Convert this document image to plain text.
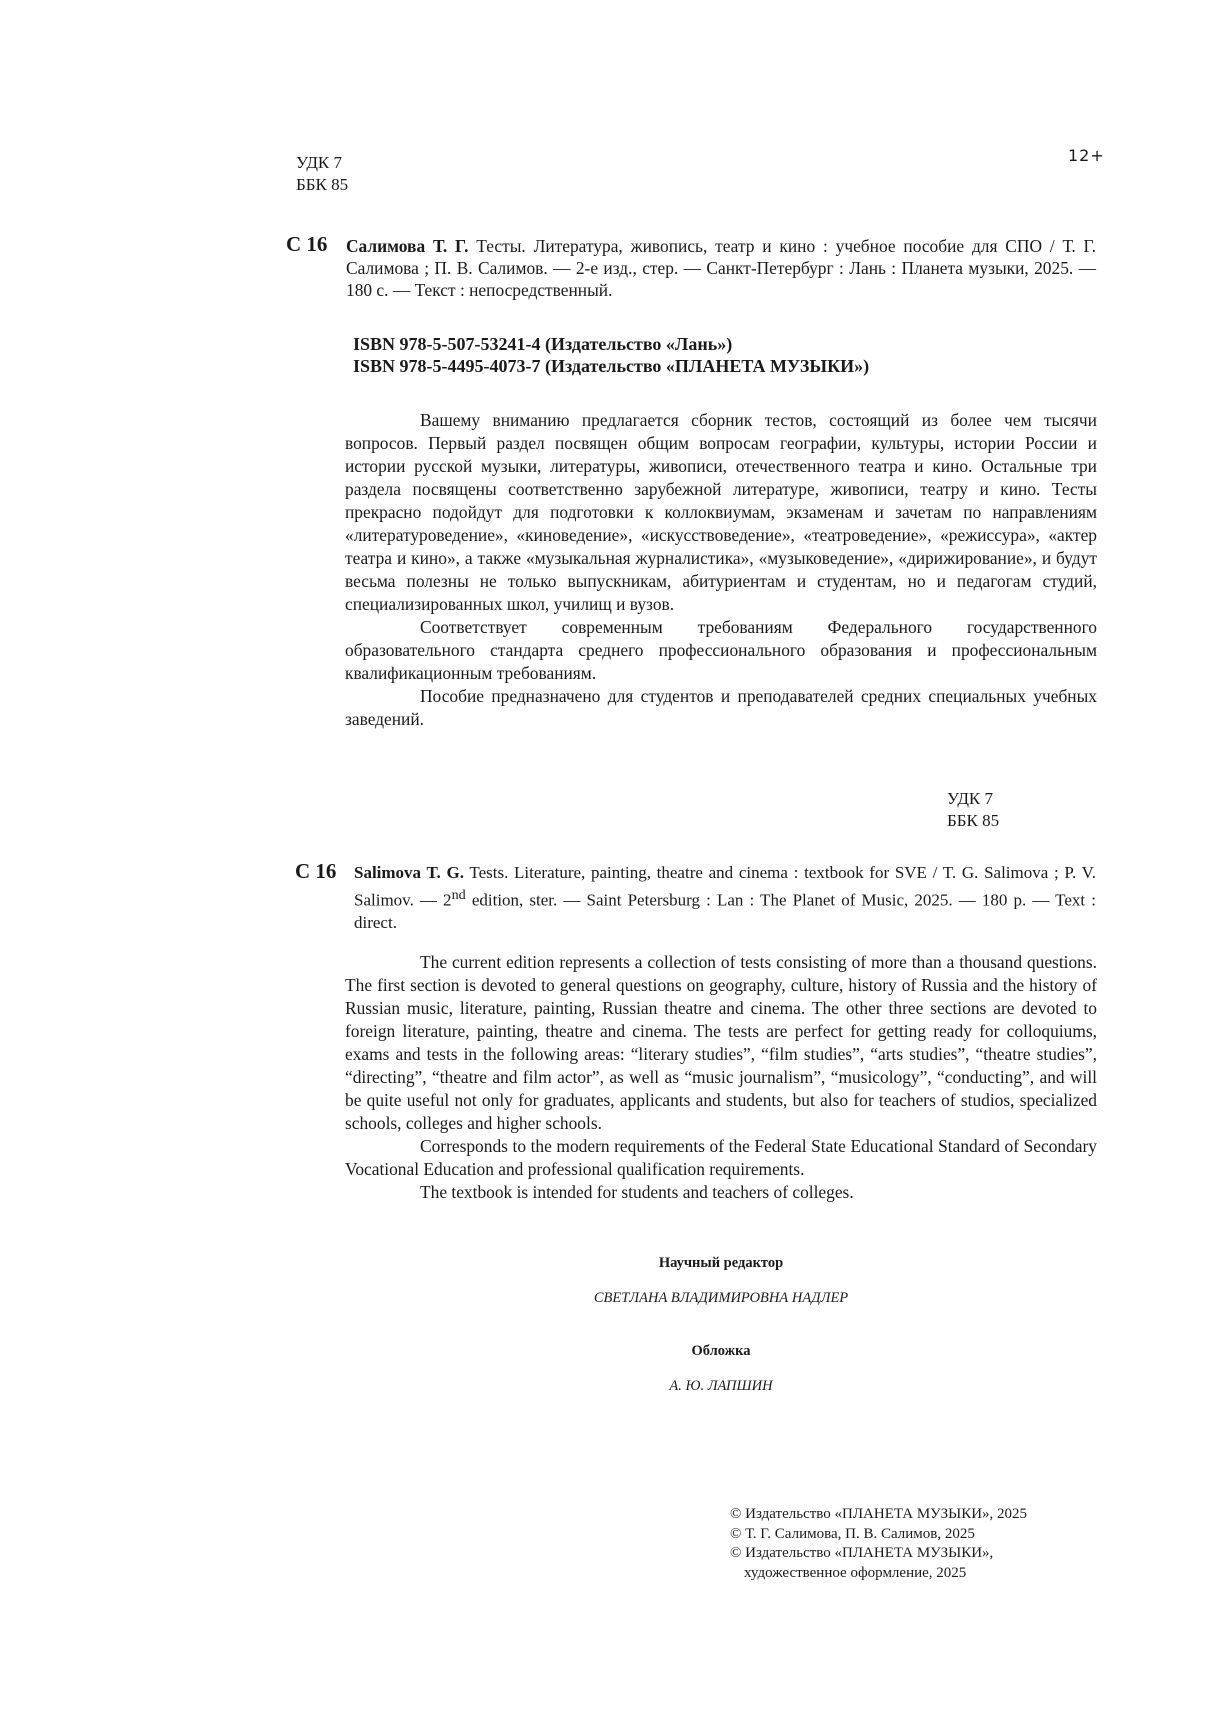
УДК 7
ББК 85
12+
С 16 Салимова Т. Г. Тесты. Литература, живопись, театр и кино : учебное пособие для СПО / Т. Г. Салимова ; П. В. Салимов. — 2-е изд., стер. — Санкт-Петербург : Лань : Планета музыки, 2025. — 180 с. — Текст : непосредственный.
ISBN 978-5-507-53241-4 (Издательство «Лань»)
ISBN 978-5-4495-4073-7 (Издательство «ПЛАНЕТА МУЗЫКИ»)

Вашему вниманию предлагается сборник тестов, состоящий из более чем тысячи вопросов. Первый раздел посвящен общим вопросам географии, культуры, истории России и истории русской музыки, литературы, живописи, отечественного театра и кино. Остальные три раздела посвящены соответственно зарубежной литературе, живописи, театру и кино. Тесты прекрасно подойдут для подготовки к коллоквиумам, экзаменам и зачетам по направлениям «литературоведение», «киноведение», «искусствоведение», «театроведение», «режиссура», «актер театра и кино», а также «музыкальная журналистика», «музыковедение», «дирижирование», и будут весьма полезны не только выпускникам, абитуриентам и студентам, но и педагогам студий, специализированных школ, училищ и вузов.

Соответствует современным требованиям Федерального государственного образовательного стандарта среднего профессионального образования и профессиональным квалификационным требованиям.

Пособие предназначено для студентов и преподавателей средних специальных учебных заведений.

УДК 7
ББК 85
С 16 Salimova T. G. Tests. Literature, painting, theatre and cinema : textbook for SVE / T. G. Salimova ; P. V. Salimov. — 2nd edition, ster. — Saint Petersburg : Lan : The Planet of Music, 2025. — 180 p. — Text : direct.

The current edition represents a collection of tests consisting of more than a thousand questions. The first section is devoted to general questions on geography, culture, history of Russia and the history of Russian music, literature, painting, Russian theatre and cinema. The other three sections are devoted to foreign literature, painting, theatre and cinema. The tests are perfect for getting ready for colloquiums, exams and tests in the following areas: “literary studies”, “film studies”, “arts studies”, “theatre studies”, “directing”, “theatre and film actor”, as well as “music journalism”, “musicology”, “conducting”, and will be quite useful not only for graduates, applicants and students, but also for teachers of studios, specialized schools, colleges and higher schools.

Corresponds to the modern requirements of the Federal State Educational Standard of Secondary Vocational Education and professional qualification requirements.

The textbook is intended for students and teachers of colleges.

Научный редактор
СВЕТЛАНА ВЛАДИМИРОВНА НАДЛЕР
Обложка
А. Ю. ЛАПШИН
© Издательство «ПЛАНЕТА МУЗЫКИ», 2025
© Т. Г. Салимова, П. В. Салимов, 2025
© Издательство «ПЛАНЕТА МУЗЫКИ»,
художественное оформление, 2025
